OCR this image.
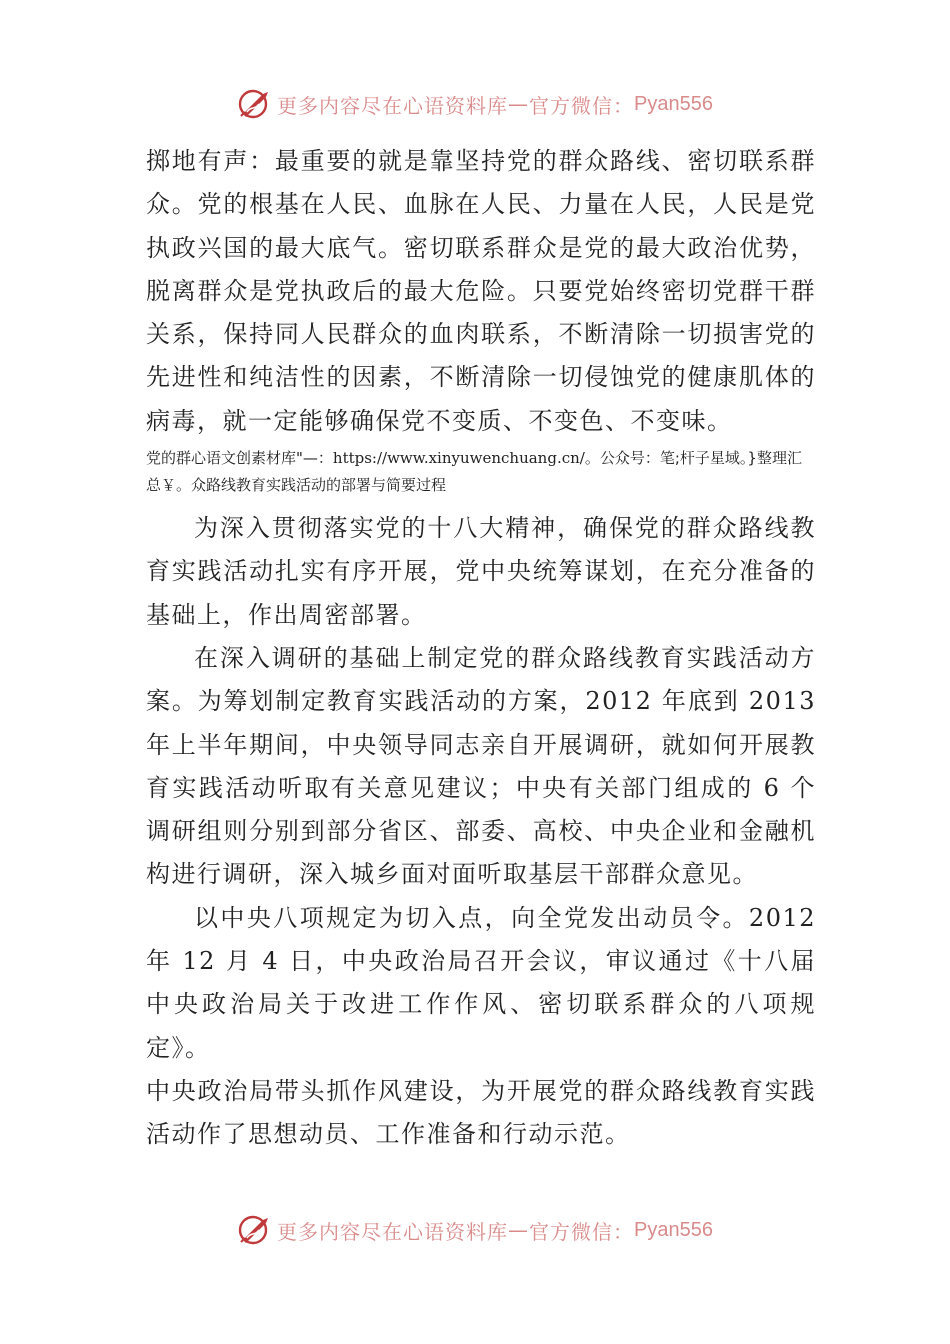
更多内容尽在心语资料库 — 官方微信： Pyan556

掷地有声：最重要的就是靠坚持党的群众路线、密切联系群众。党的根基在人民、血脉在人民、力量在人民，人民是党执政兴国的最大底气。密切联系群众是党的最大政治优势，脱离群众是党执政后的最大危险。只要党始终密切党群干群关系，保持同人民群众的血肉联系，不断清除一切损害党的先进性和纯洁性的因素，不断清除一切侵蚀党的健康肌体的病毒，就一定能够确保党不变质、不变色、不变味。

党的群心语文创素材库"—：https://www.xinyuwenchuang.cn/。公众号：笔;杆子星域。}整理汇总￥。众路线教育实践活动的部署与简要过程

为深入贯彻落实党的十八大精神，确保党的群众路线教育实践活动扎实有序开展，党中央统筹谋划，在充分准备的基础上，作出周密部署。

在深入调研的基础上制定党的群众路线教育实践活动方案。为筹划制定教育实践活动的方案，2012 年底到 2013 年上半年期间，中央领导同志亲自开展调研，就如何开展教育实践活动听取有关意见建议；中央有关部门组成的 6 个调研组则分别到部分省区、部委、高校、中央企业和金融机构进行调研，深入城乡面对面听取基层干部群众意见。

以中央八项规定为切入点，向全党发出动员令。2012 年 12 月 4 日，中央政治局召开会议，审议通过《十八届中央政治局关于改进工作作风、密切联系群众的八项规定》。

中央政治局带头抓作风建设，为开展党的群众路线教育实践活动作了思想动员、工作准备和行动示范。

更多内容尽在心语资料库 — 官方微信： Pyan556
